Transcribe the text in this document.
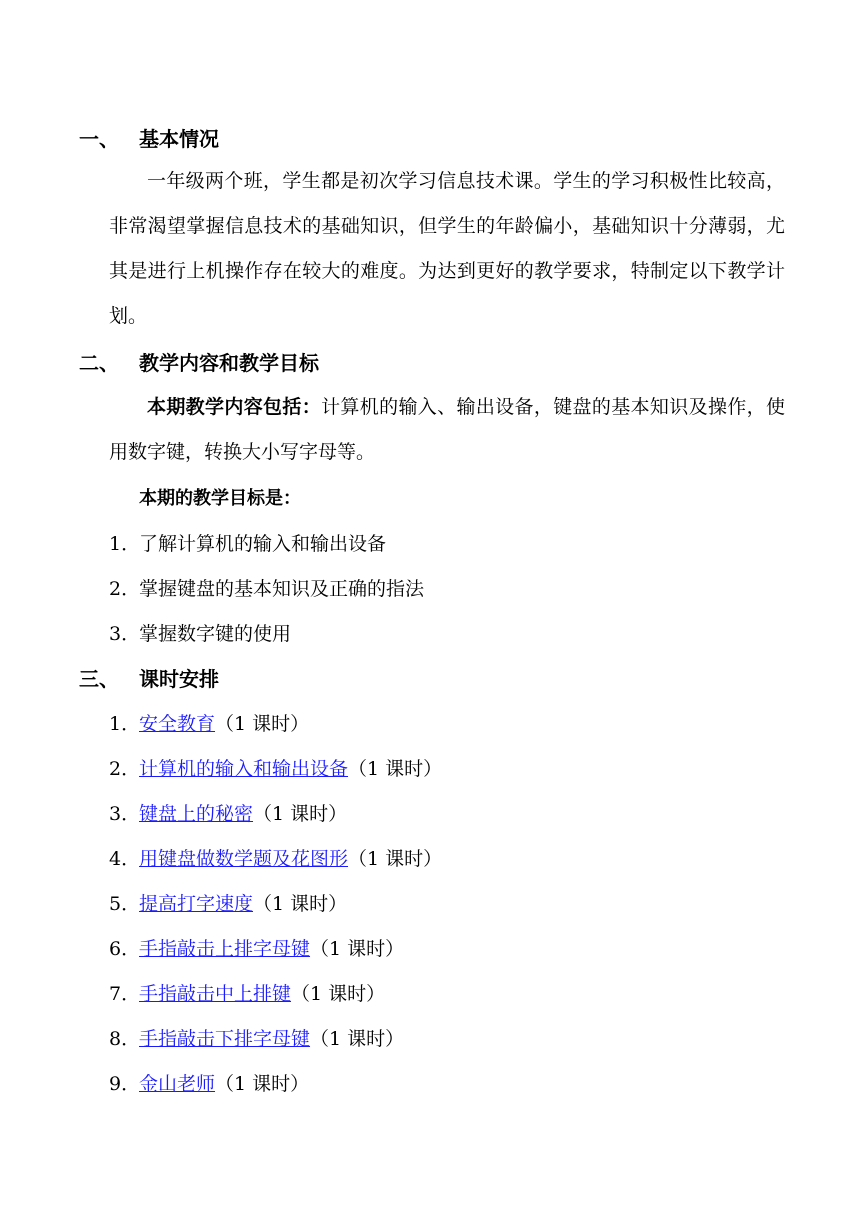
一、 基本情况

一年级两个班，学生都是初次学习信息技术课。学生的学习积极性比较高，非常渴望掌握信息技术的基础知识，但学生的年龄偏小，基础知识十分薄弱，尤其是进行上机操作存在较大的难度。为达到更好的教学要求，特制定以下教学计划。

二、 教学内容和教学目标

本期教学内容包括：计算机的输入、输出设备，键盘的基本知识及操作，使用数字键，转换大小写字母等。

本期的教学目标是：
1．了解计算机的输入和输出设备
2．掌握键盘的基本知识及正确的指法
3．掌握数字键的使用
三、 课时安排
1．安全教育（1 课时）
2．计算机的输入和输出设备（1 课时）
3．键盘上的秘密（1 课时）
4．用键盘做数学题及花图形（1 课时）
5．提高打字速度（1 课时）
6．手指敲击上排字母键（1 课时）
7．手指敲击中上排键（1 课时）
8．手指敲击下排字母键（1 课时）
9．金山老师（1 课时）
